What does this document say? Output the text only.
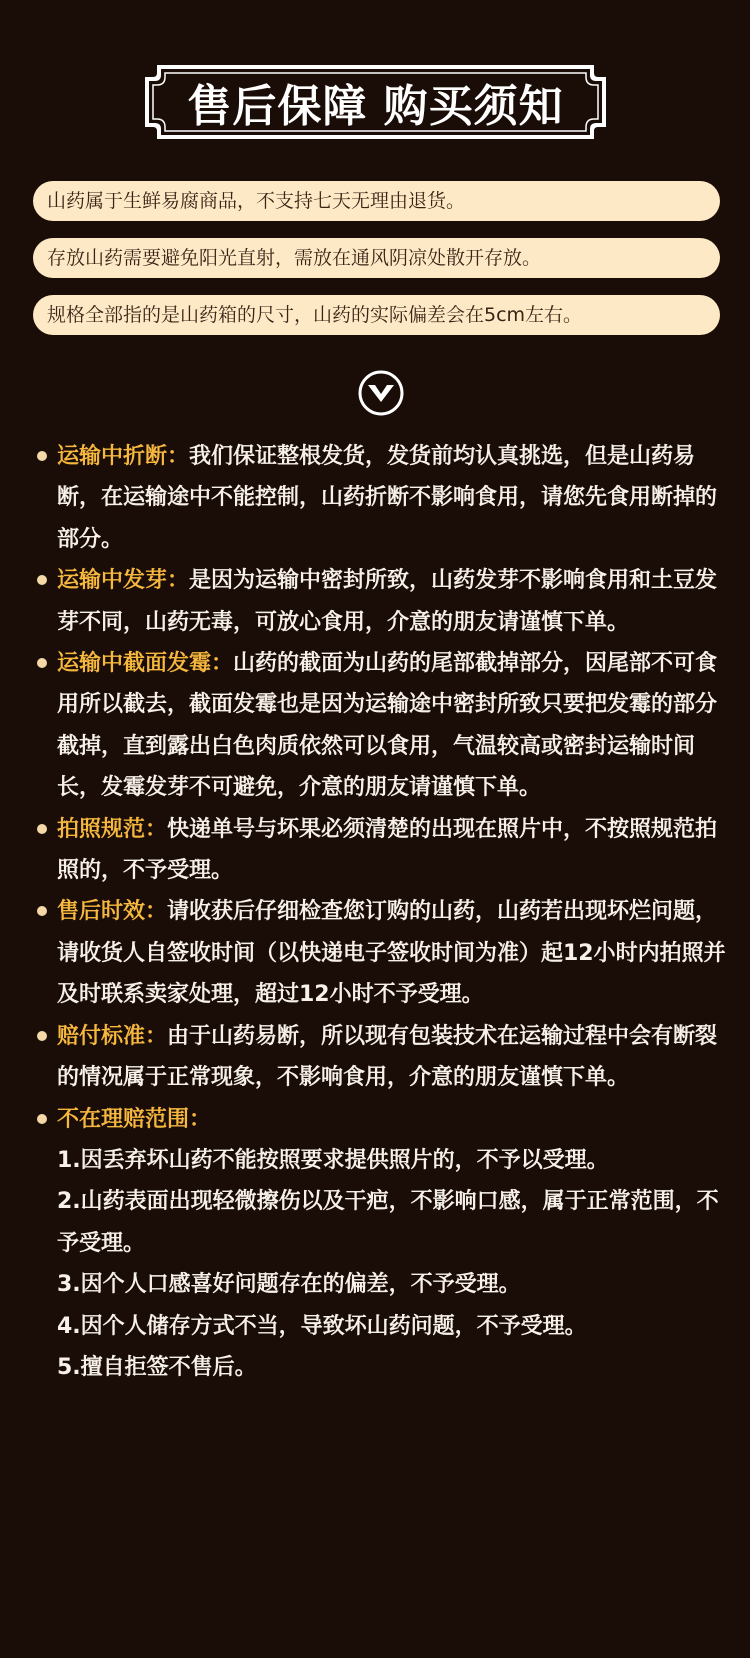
售后保障 购买须知
山药属于生鲜易腐商品，不支持七天无理由退货。
存放山药需要避免阳光直射，需放在通风阴凉处散开存放。
规格全部指的是山药箱的尺寸，山药的实际偏差会在5cm左右。

运输中折断：我们保证整根发货，发货前均认真挑选，但是山药易断，在运输途中不能控制，山药折断不影响食用，请您先食用断掉的部分。

运输中发芽：是因为运输中密封所致，山药发芽不影响食用和土豆发芽不同，山药无毒，可放心食用，介意的朋友请谨慎下单。

运输中截面发霉：山药的截面为山药的尾部截掉部分，因尾部不可食用所以截去，截面发霉也是因为运输途中密封所致只要把发霉的部分截掉，直到露出白色肉质依然可以食用，气温较高或密封运输时间长，发霉发芽不可避免，介意的朋友请谨慎下单。

拍照规范：快递单号与坏果必须清楚的出现在照片中，不按照规范拍照的，不予受理。

售后时效：请收获后仔细检查您订购的山药，山药若出现坏烂问题，请收货人自签收时间（以快递电子签收时间为准）起12小时内拍照并及时联系卖家处理，超过12小时不予受理。

赔付标准：由于山药易断，所以现有包装技术在运输过程中会有断裂的情况属于正常现象，不影响食用，介意的朋友谨慎下单。

不在理赔范围：

1.因丢弃坏山药不能按照要求提供照片的，不予以受理。

2.山药表面出现轻微擦伤以及干疤，不影响口感，属于正常范围，不予受理。

3.因个人口感喜好问题存在的偏差，不予受理。

4.因个人储存方式不当，导致坏山药问题，不予受理。

5.擅自拒签不售后。
